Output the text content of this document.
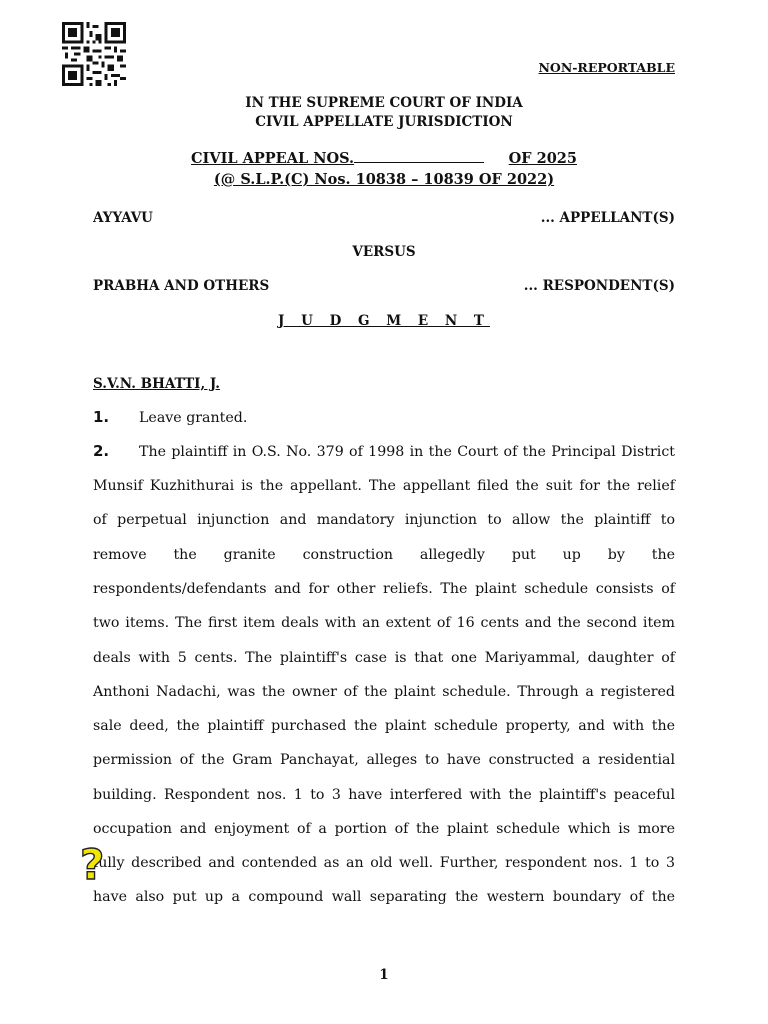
NON-REPORTABLE
IN THE SUPREME COURT OF INDIA
CIVIL APPELLATE JURISDICTION
CIVIL APPEAL NOS.	OF 2025
(@ S.L.P.(C) Nos. 10838 – 10839 OF 2022)
AYYAVU	... APPELLANT(S)
VERSUS
PRABHA AND OTHERS	... RESPONDENT(S)
J U D G M E N T
S.V.N. BHATTI, J.
1. Leave granted.
2. The plaintiff in O.S. No. 379 of 1998 in the Court of the Principal District
Munsif Kuzhithurai is the appellant. The appellant filed the suit for the relief
of perpetual injunction and mandatory injunction to allow the plaintiff to
remove the granite construction allegedly put up by the
respondents/defendants and for other reliefs. The plaint schedule consists of
two items. The first item deals with an extent of 16 cents and the second item
deals with 5 cents. The plaintiff's case is that one Mariyammal, daughter of
Anthoni Nadachi, was the owner of the plaint schedule. Through a registered
sale deed, the plaintiff purchased the plaint schedule property, and with the
permission of the Gram Panchayat, alleges to have constructed a residential
building. Respondent nos. 1 to 3 have interfered with the plaintiff's peaceful
occupation and enjoyment of a portion of the plaint schedule which is more
fully described and contended as an old well. Further, respondent nos. 1 to 3
have also put up a compound wall separating the western boundary of the
?
1
